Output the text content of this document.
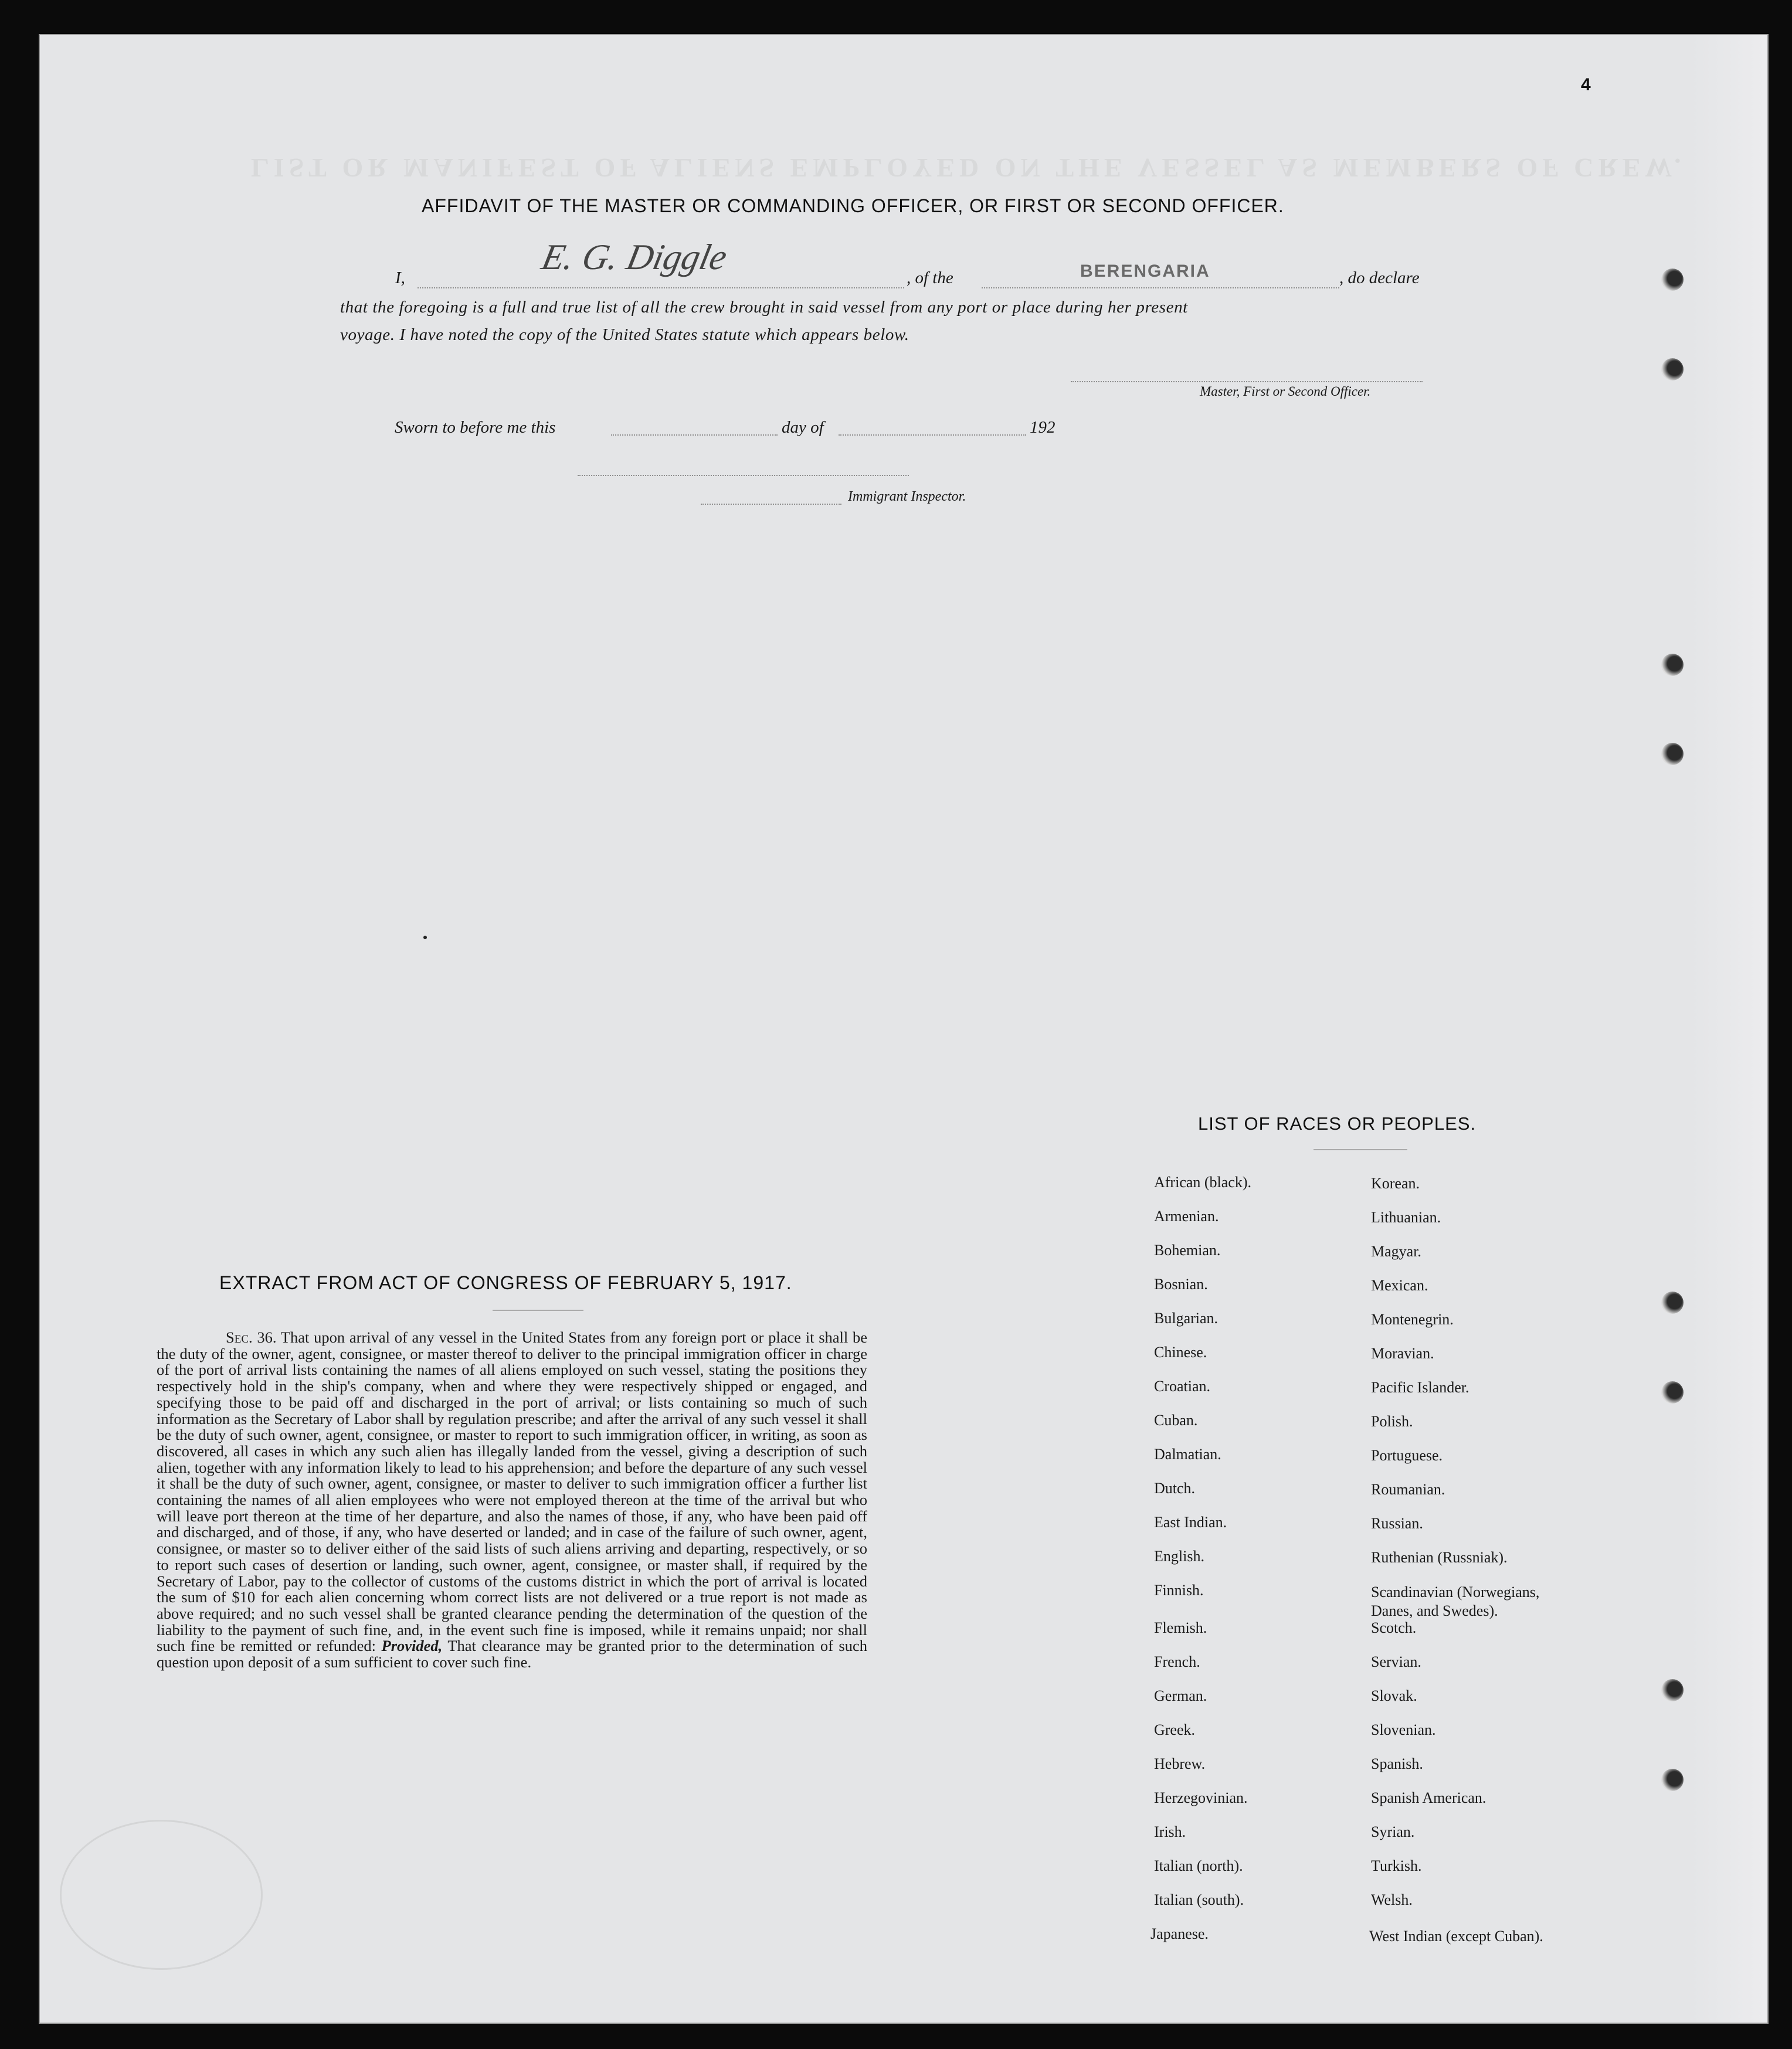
LIST OR MANIFEST OF ALIENS EMPLOYED ON THE VESSEL AS MEMBERS OF CREW.
4
AFFIDAVIT OF THE MASTER OR COMMANDING OFFICER, OR FIRST OR SECOND OFFICER.
I,
E. G. Diggle
, of the	BERENGARIA	, do declare
that the foregoing is a full and true list of all the crew brought in said vessel from any port or place during her present
voyage. I have noted the copy of the United States statute which appears below.
Master, First or Second Officer.
Sworn to before me this	day of	192
Immigrant Inspector.
EXTRACT FROM ACT OF CONGRESS OF FEBRUARY 5, 1917.
Sec. 36. That upon arrival of any vessel in the United States from any foreign port or place it shall be the duty of the owner, agent, consignee, or master thereof to deliver to the principal immigration officer in charge of the port of arrival lists containing the names of all aliens employed on such vessel, stating the positions they respectively hold in the ship's company, when and where they were respectively shipped or engaged, and specifying those to be paid off and discharged in the port of arrival; or lists containing so much of such information as the Secretary of Labor shall by regulation prescribe; and after the arrival of any such vessel it shall be the duty of such owner, agent, consignee, or master to report to such immigration officer, in writing, as soon as discovered, all cases in which any such alien has illegally landed from the vessel, giving a description of such alien, together with any information likely to lead to his apprehension; and before the departure of any such vessel it shall be the duty of such owner, agent, consignee, or master to deliver to such immigration officer a further list containing the names of all alien employees who were not employed thereon at the time of the arrival but who will leave port thereon at the time of her departure, and also the names of those, if any, who have been paid off and discharged, and of those, if any, who have deserted or landed; and in case of the failure of such owner, agent, consignee, or master so to deliver either of the said lists of such aliens arriving and departing, respectively, or so to report such cases of desertion or landing, such owner, agent, consignee, or master shall, if required by the Secretary of Labor, pay to the collector of customs of the customs district in which the port of arrival is located the sum of $10 for each alien concerning whom correct lists are not delivered or a true report is not made as above required; and no such vessel shall be granted clearance pending the determination of the question of the liability to the payment of such fine, and, in the event such fine is imposed, while it remains unpaid; nor shall such fine be remitted or refunded: Provided, That clearance may be granted prior to the determination of such question upon deposit of a sum sufficient to cover such fine.
LIST OF RACES OR PEOPLES.
African (black).
Armenian.
Bohemian.
Bosnian.
Bulgarian.
Chinese.
Croatian.
Cuban.
Dalmatian.
Dutch.
East Indian.
English.
Finnish.
Flemish.
French.
German.
Greek.
Hebrew.
Herzegovinian.
Irish.
Italian (north).
Italian (south).
Japanese.
Korean.
Lithuanian.
Magyar.
Mexican.
Montenegrin.
Moravian.
Pacific Islander.
Polish.
Portuguese.
Roumanian.
Russian.
Ruthenian (Russniak).
Scandinavian (Norwegians, Danes, and Swedes).
Scotch.
Servian.
Slovak.
Slovenian.
Spanish.
Spanish American.
Syrian.
Turkish.
Welsh.
West Indian (except Cuban).
